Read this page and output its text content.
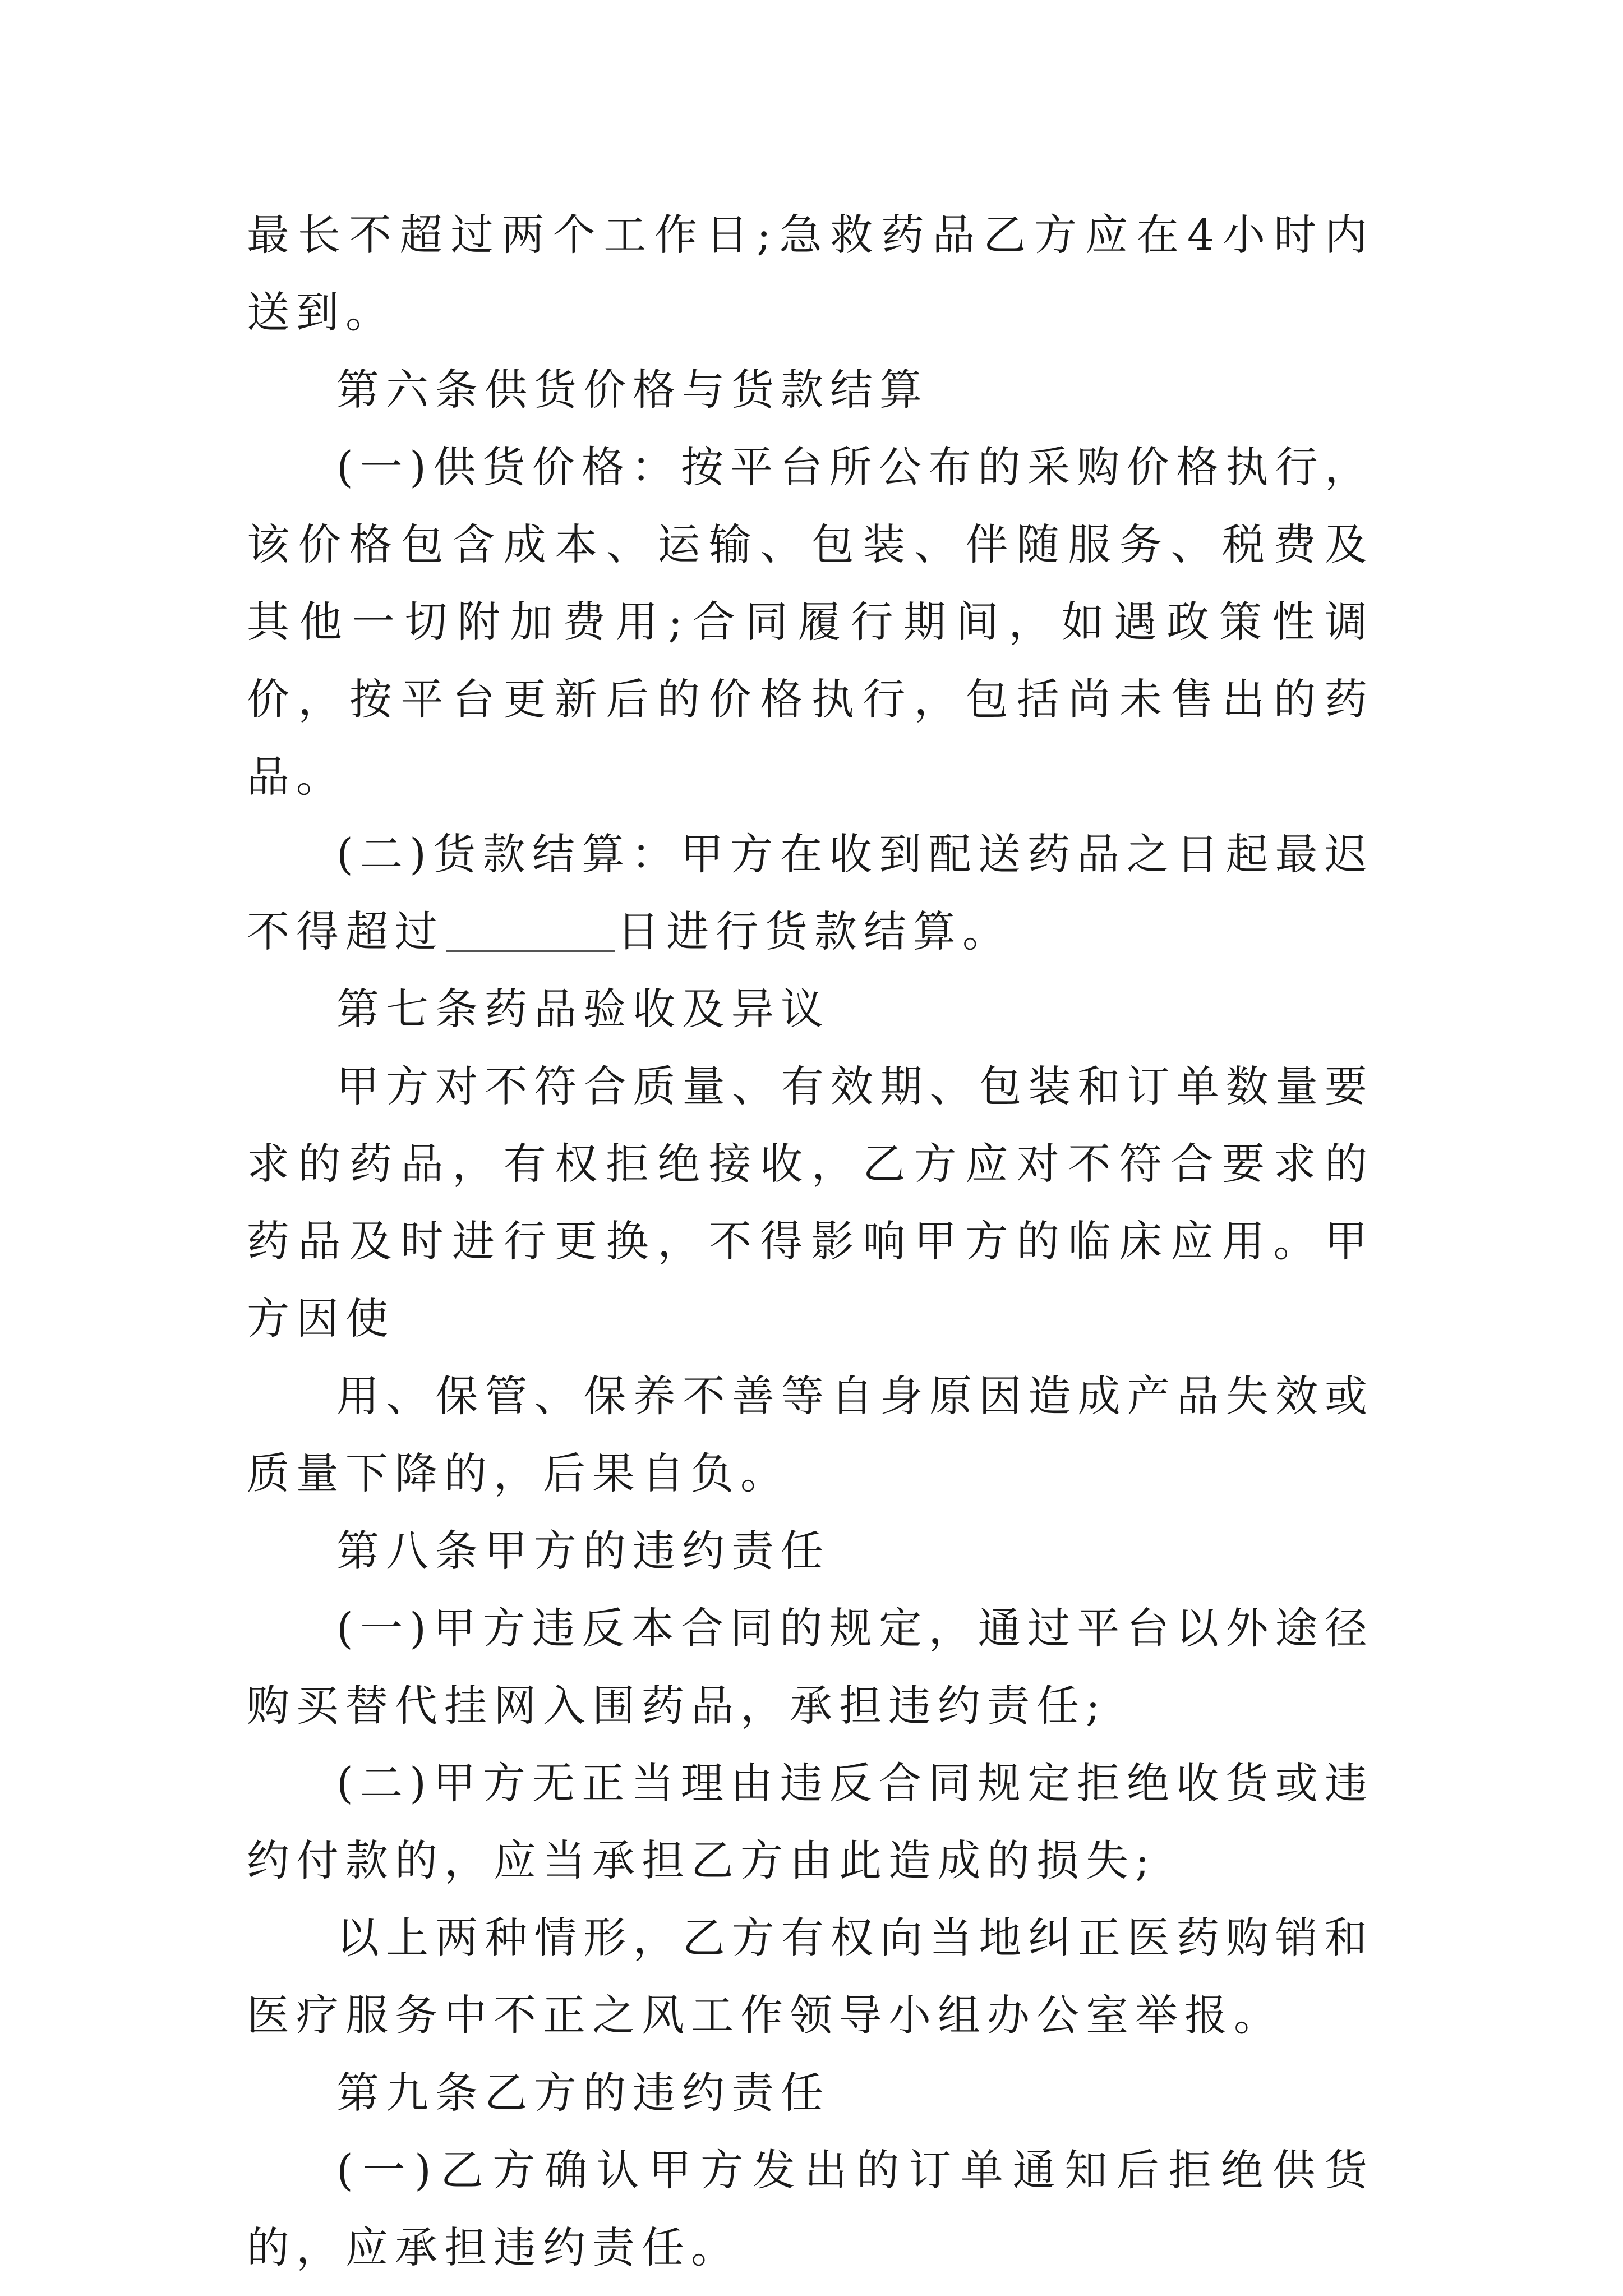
最长不超过两个工作日;急救药品乙方应在4小时内送到。

第六条供货价格与货款结算

(一)供货价格：按平台所公布的采购价格执行，该价格包含成本、运输、包装、伴随服务、税费及其他一切附加费用;合同履行期间，如遇政策性调价，按平台更新后的价格执行，包括尚未售出的药品。

(二)货款结算：甲方在收到配送药品之日起最迟不得超过	日进行货款结算。

第七条药品验收及异议

甲方对不符合质量、有效期、包装和订单数量要求的药品，有权拒绝接收，乙方应对不符合要求的药品及时进行更换，不得影响甲方的临床应用。甲方因使

用、保管、保养不善等自身原因造成产品失效或质量下降的，后果自负。

第八条甲方的违约责任

(一)甲方违反本合同的规定，通过平台以外途径购买替代挂网入围药品，承担违约责任;

(二)甲方无正当理由违反合同规定拒绝收货或违约付款的，应当承担乙方由此造成的损失;

以上两种情形，乙方有权向当地纠正医药购销和医疗服务中不正之风工作领导小组办公室举报。

第九条乙方的违约责任

(一)乙方确认甲方发出的订单通知后拒绝供货的，应承担违约责任。
